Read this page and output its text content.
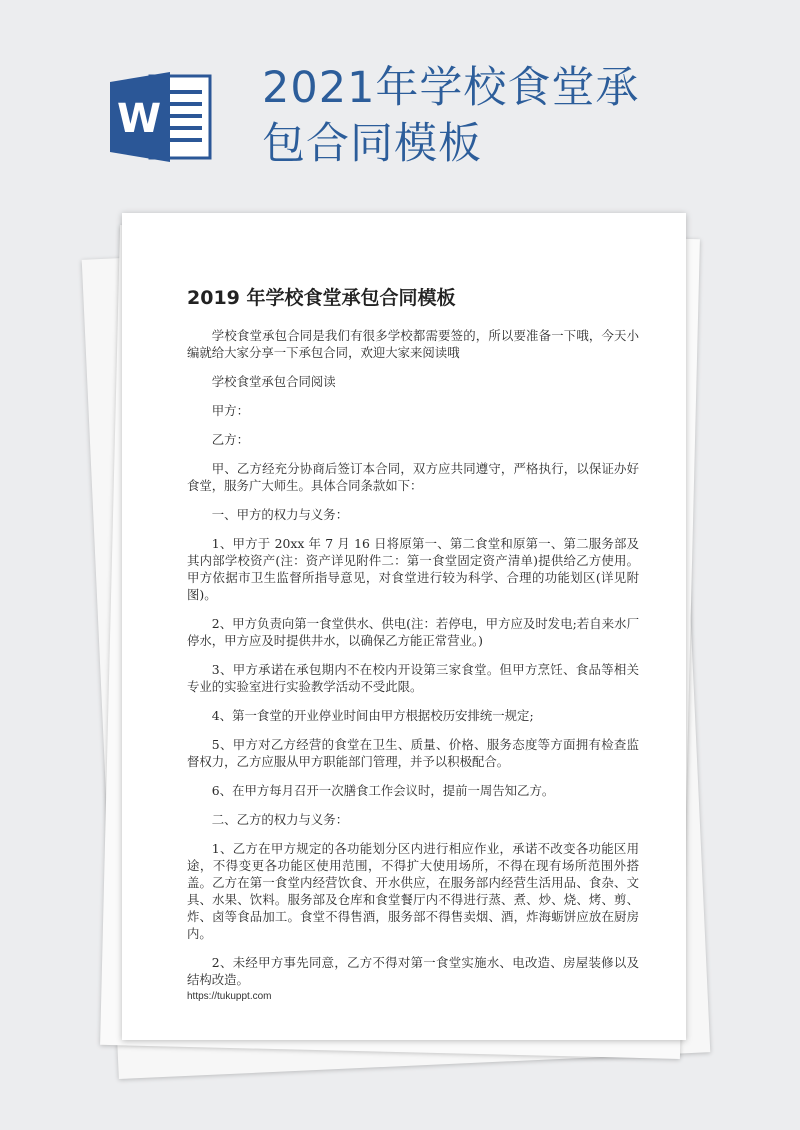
W
2021年学校食堂承
包合同模板
2019 年学校食堂承包合同模板

学校食堂承包合同是我们有很多学校都需要签的，所以要准备一下哦，今天小编就给大家分享一下承包合同，欢迎大家来阅读哦

学校食堂承包合同阅读

甲方：

乙方：

甲、乙方经充分协商后签订本合同，双方应共同遵守，严格执行，以保证办好食堂，服务广大师生。具体合同条款如下：

一、甲方的权力与义务：

1、甲方于 20xx 年 7 月 16 日将原第一、第二食堂和原第一、第二服务部及其内部学校资产(注：资产详见附件二：第一食堂固定资产清单)提供给乙方使用。甲方依据市卫生监督所指导意见，对食堂进行较为科学、合理的功能划区(详见附图)。

2、甲方负责向第一食堂供水、供电(注：若停电，甲方应及时发电;若自来水厂停水，甲方应及时提供井水，以确保乙方能正常营业。)

3、甲方承诺在承包期内不在校内开设第三家食堂。但甲方烹饪、食品等相关专业的实验室进行实验教学活动不受此限。

4、第一食堂的开业停业时间由甲方根据校历安排统一规定;

5、甲方对乙方经营的食堂在卫生、质量、价格、服务态度等方面拥有检查监督权力，乙方应服从甲方职能部门管理，并予以积极配合。

6、在甲方每月召开一次膳食工作会议时，提前一周告知乙方。

二、乙方的权力与义务：

1、乙方在甲方规定的各功能划分区内进行相应作业，承诺不改变各功能区用途，不得变更各功能区使用范围，不得扩大使用场所，不得在现有场所范围外搭盖。乙方在第一食堂内经营饮食、开水供应，在服务部内经营生活用品、食杂、文具、水果、饮料。服务部及仓库和食堂餐厅内不得进行蒸、煮、炒、烧、烤、剪、炸、卤等食品加工。食堂不得售酒，服务部不得售卖烟、酒，炸海蛎饼应放在厨房内。

2、未经甲方事先同意，乙方不得对第一食堂实施水、电改造、房屋装修以及结构改造。

https://tukuppt.com
